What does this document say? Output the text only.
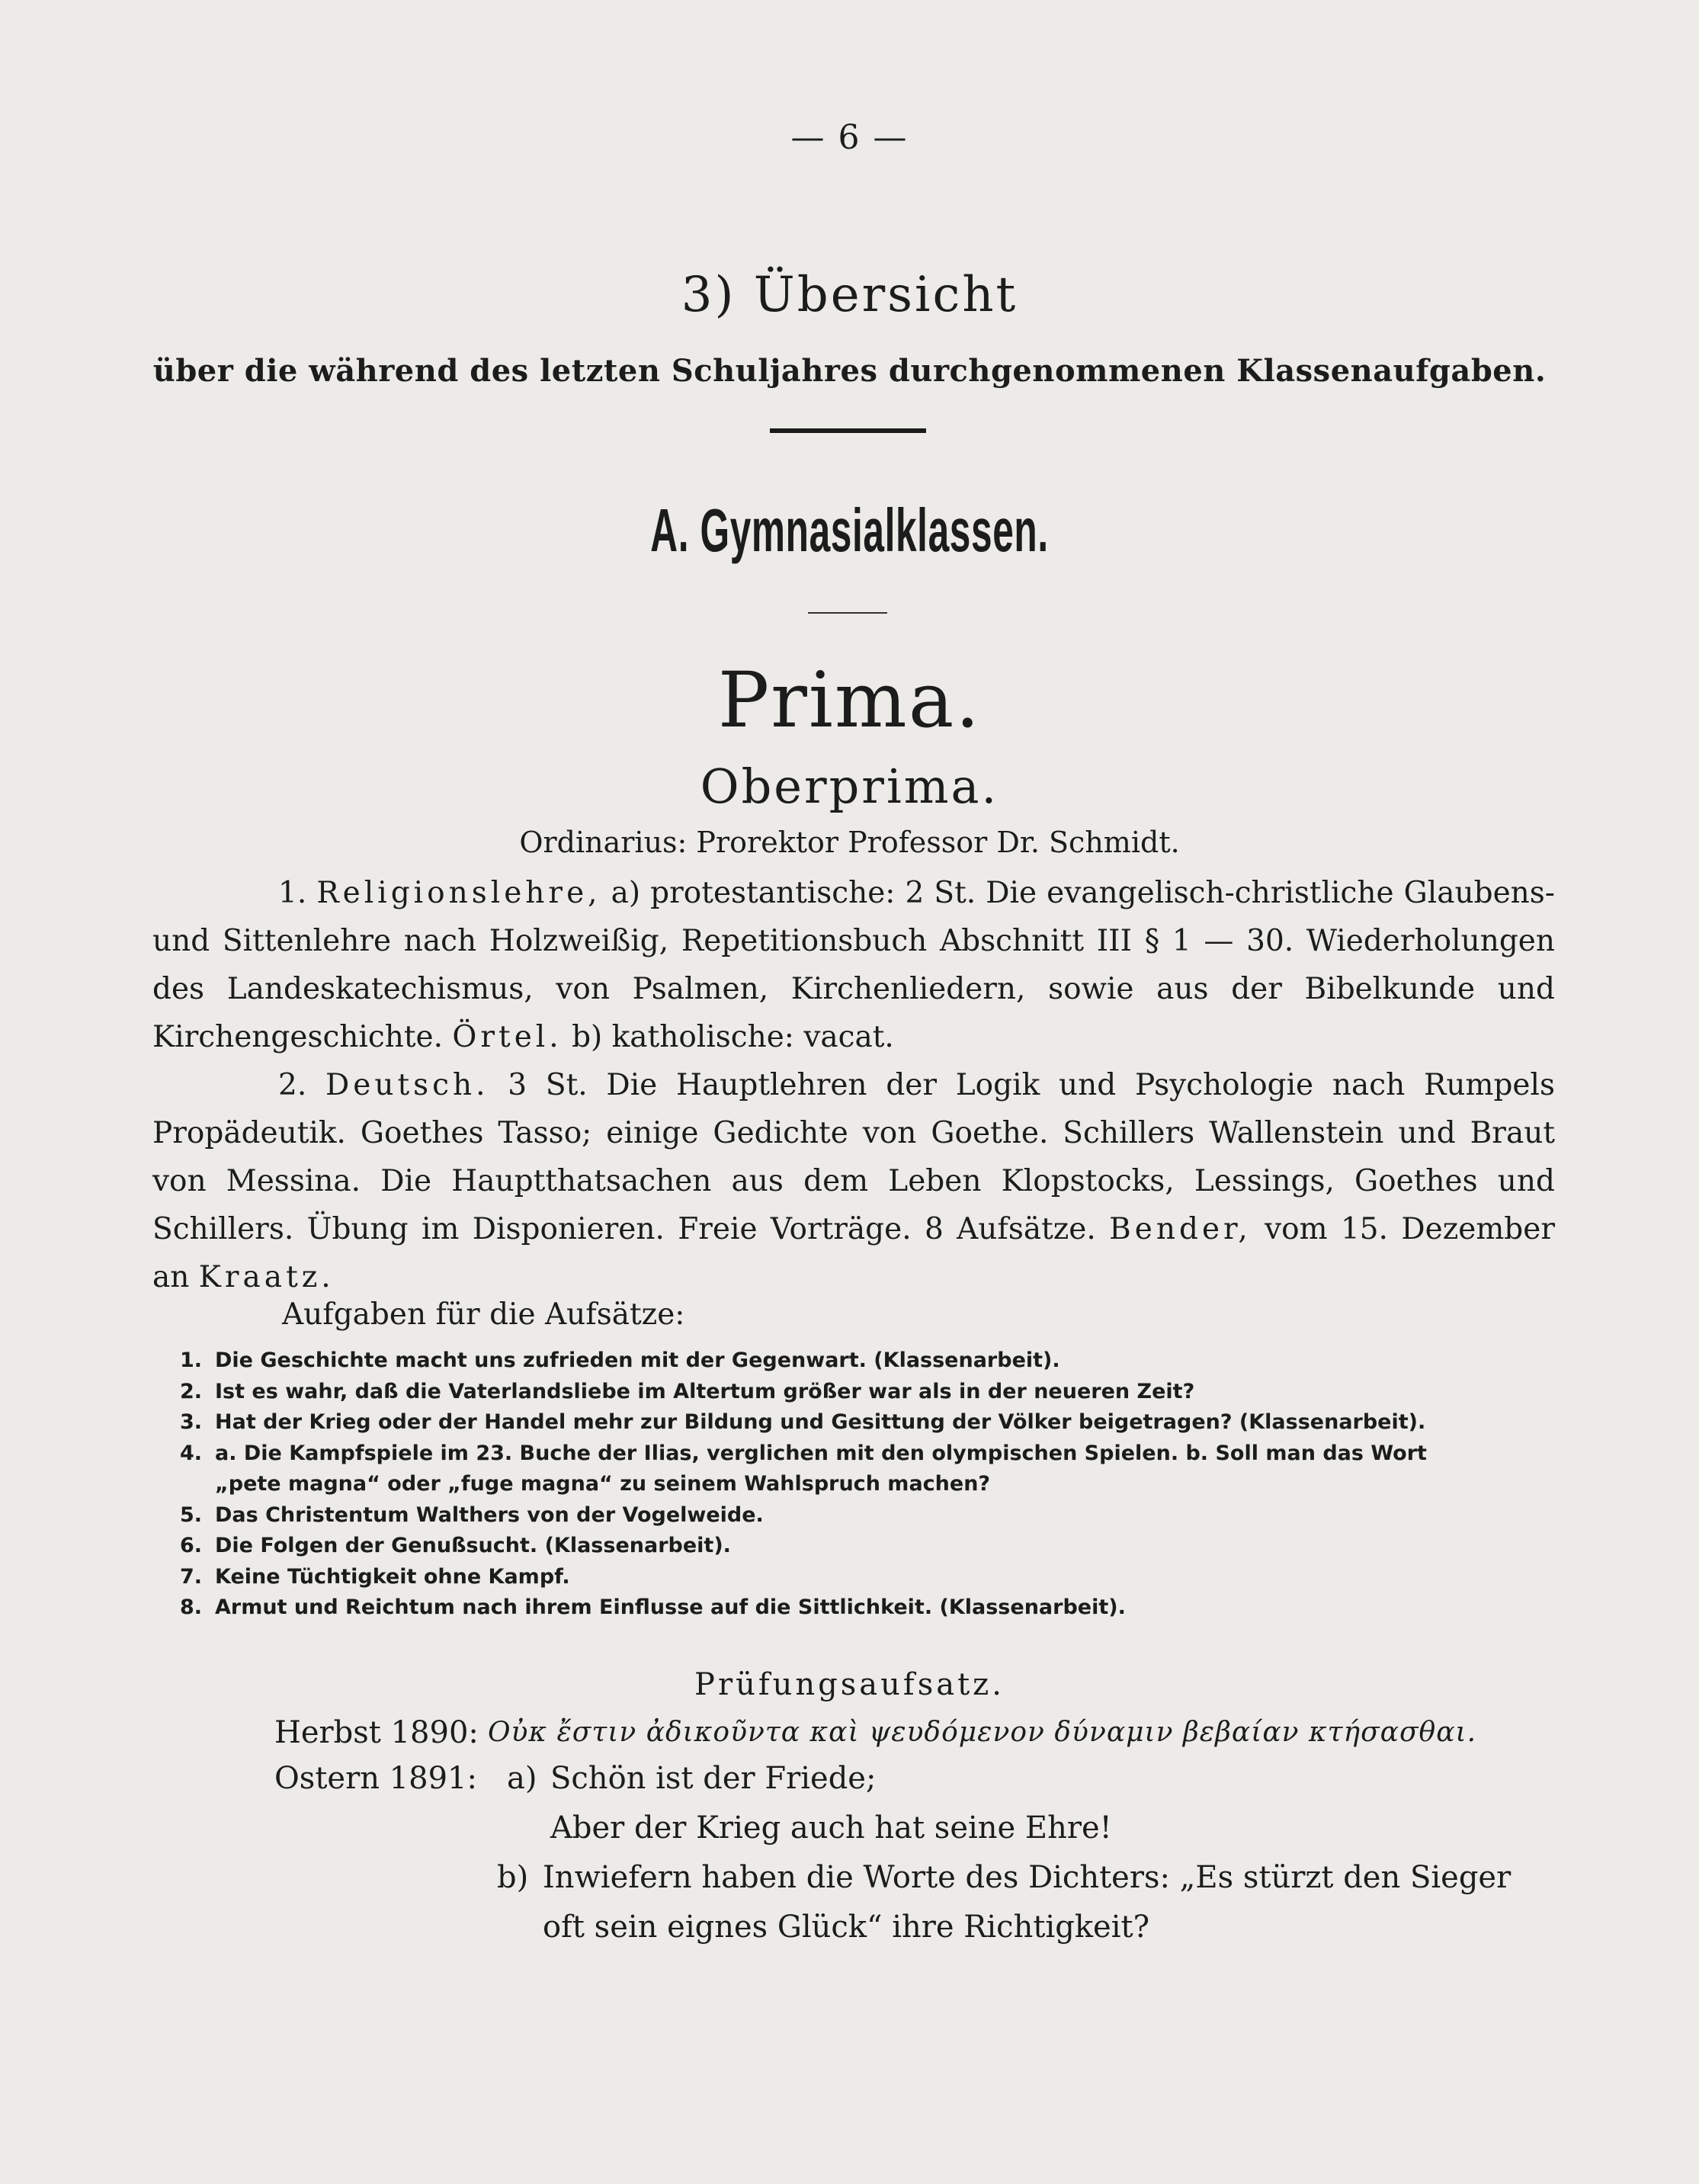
— 6 —
3) Übersicht
über die während des letzten Schuljahres durchgenommenen Klassenaufgaben.
A. Gymnasialklassen.
Prima.
Oberprima.
Ordinarius: Prorektor Professor Dr. Schmidt.

1. Religionslehre, a) protestantische: 2 St. Die evangelisch-christliche Glaubens- und Sittenlehre nach Holzweißig, Repetitionsbuch Abschnitt III § 1 — 30. Wiederholungen des Landeskatechismus, von Psalmen, Kirchenliedern, sowie aus der Bibelkunde und Kirchengeschichte. Örtel. b) katholische: vacat.

2. Deutsch. 3 St. Die Hauptlehren der Logik und Psychologie nach Rumpels Propädeutik. Goethes Tasso; einige Gedichte von Goethe. Schillers Wallenstein und Braut von Messina. Die Hauptthatsachen aus dem Leben Klopstocks, Lessings, Goethes und Schillers. Übung im Disponieren. Freie Vorträge. 8 Aufsätze. Bender, vom 15. Dezember an Kraatz.

Aufgaben für die Aufsätze:
1. Die Geschichte macht uns zufrieden mit der Gegenwart. (Klassenarbeit).
2. Ist es wahr, daß die Vaterlandsliebe im Altertum größer war als in der neueren Zeit?
3. Hat der Krieg oder der Handel mehr zur Bildung und Gesittung der Völker beigetragen? (Klassenarbeit).
4. a. Die Kampfspiele im 23. Buche der Ilias, verglichen mit den olympischen Spielen. b. Soll man das Wort
„pete magna“ oder „fuge magna“ zu seinem Wahlspruch machen?
5. Das Christentum Walthers von der Vogelweide.
6. Die Folgen der Genußsucht. (Klassenarbeit).
7. Keine Tüchtigkeit ohne Kampf.
8. Armut und Reichtum nach ihrem Einflusse auf die Sittlichkeit. (Klassenarbeit).
Prüfungsaufsatz.
Herbst 1890: Οὐκ ἔστιν ἀδικοῦντα καὶ ψευδόμενον δύναμιν βεβαίαν κτήσασθαι.
Ostern 1891: a) Schön ist der Friede;
Aber der Krieg auch hat seine Ehre!
b) Inwiefern haben die Worte des Dichters: „Es stürzt den Sieger
oft sein eignes Glück“ ihre Richtigkeit?
